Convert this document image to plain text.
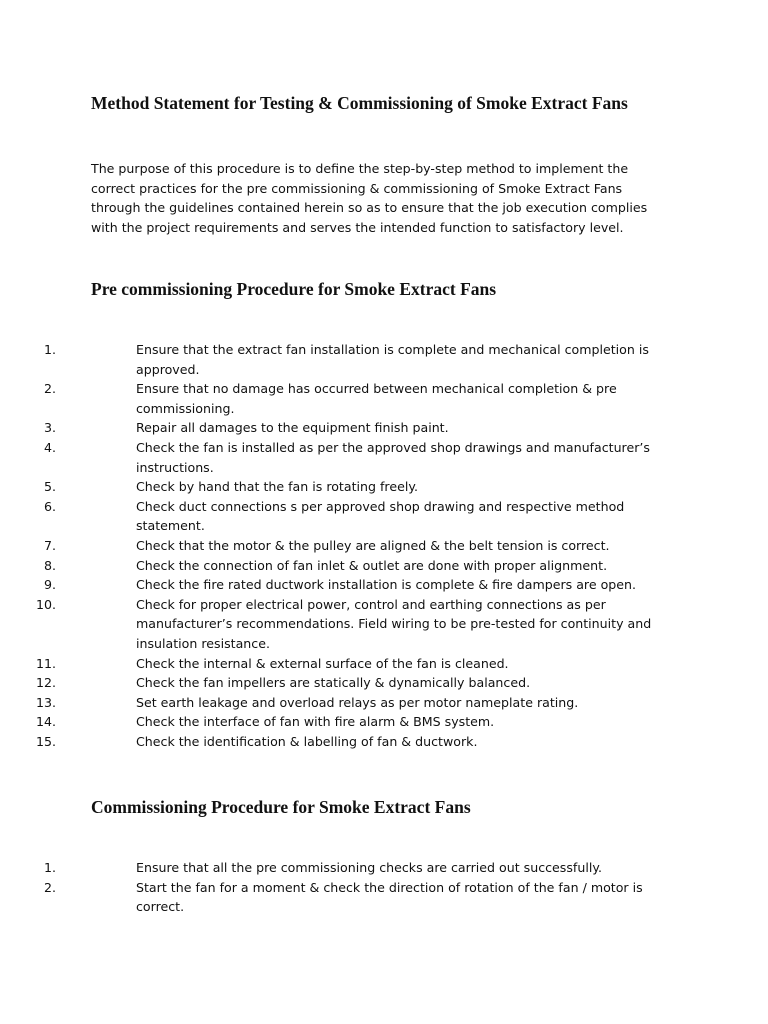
Method Statement for Testing & Commissioning of Smoke Extract Fans
The purpose of this procedure is to define the step-by-step method to implement the
correct practices for the pre commissioning & commissioning of Smoke Extract Fans
through the guidelines contained herein so as to ensure that the job execution complies
with the project requirements and serves the intended function to satisfactory level.
Pre commissioning Procedure for Smoke Extract Fans
1.	Ensure that the extract fan installation is complete and mechanical completion is
approved.
2.	Ensure that no damage has occurred between mechanical completion & pre
commissioning.
3.	Repair all damages to the equipment finish paint.
4.	Check the fan is installed as per the approved shop drawings and manufacturer’s
instructions.
5.	Check by hand that the fan is rotating freely.
6.	Check duct connections s per approved shop drawing and respective method
statement.
7.	Check that the motor & the pulley are aligned & the belt tension is correct.
8.	Check the connection of fan inlet & outlet are done with proper alignment.
9.	Check the fire rated ductwork installation is complete & fire dampers are open.
10.	Check for proper electrical power, control and earthing connections as per
manufacturer’s recommendations. Field wiring to be pre-tested for continuity and
insulation resistance.
11.	Check the internal & external surface of the fan is cleaned.
12.	Check the fan impellers are statically & dynamically balanced.
13.	Set earth leakage and overload relays as per motor nameplate rating.
14.	Check the interface of fan with fire alarm & BMS system.
15.	Check the identification & labelling of fan & ductwork.
Commissioning Procedure for Smoke Extract Fans
1.	Ensure that all the pre commissioning checks are carried out successfully.
2.	Start the fan for a moment & check the direction of rotation of the fan / motor is
correct.
